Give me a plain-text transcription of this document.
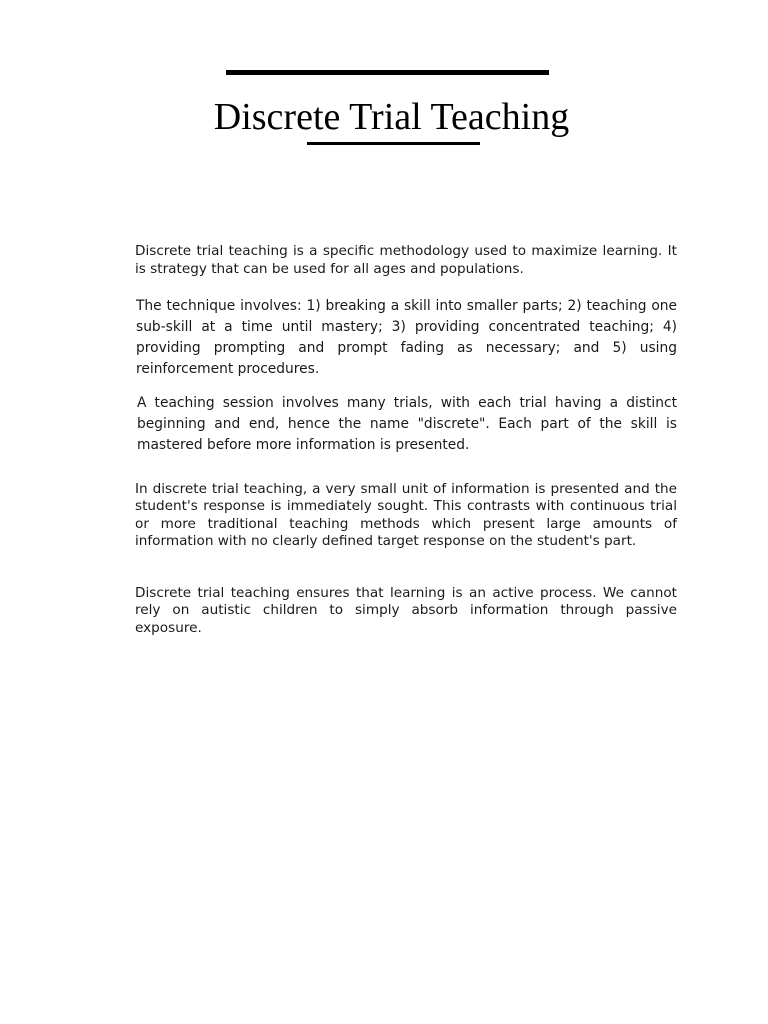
Discrete Trial Teaching

Discrete trial teaching is a specific methodology used to maximize learning. It is strategy that can be used for all ages and populations.

The technique involves: 1) breaking a skill into smaller parts; 2) teaching one sub-skill at a time until mastery; 3) providing concentrated teaching; 4) providing prompting and prompt fading as necessary; and 5) using reinforcement procedures.

A teaching session involves many trials, with each trial having a distinct beginning and end, hence the name "discrete". Each part of the skill is mastered before more information is presented.

In discrete trial teaching, a very small unit of information is presented and the student's response is immediately sought. This contrasts with continuous trial or more traditional teaching methods which present large amounts of information with no clearly defined target response on the student's part.

Discrete trial teaching ensures that learning is an active process. We cannot rely on autistic children to simply absorb information through passive exposure.
